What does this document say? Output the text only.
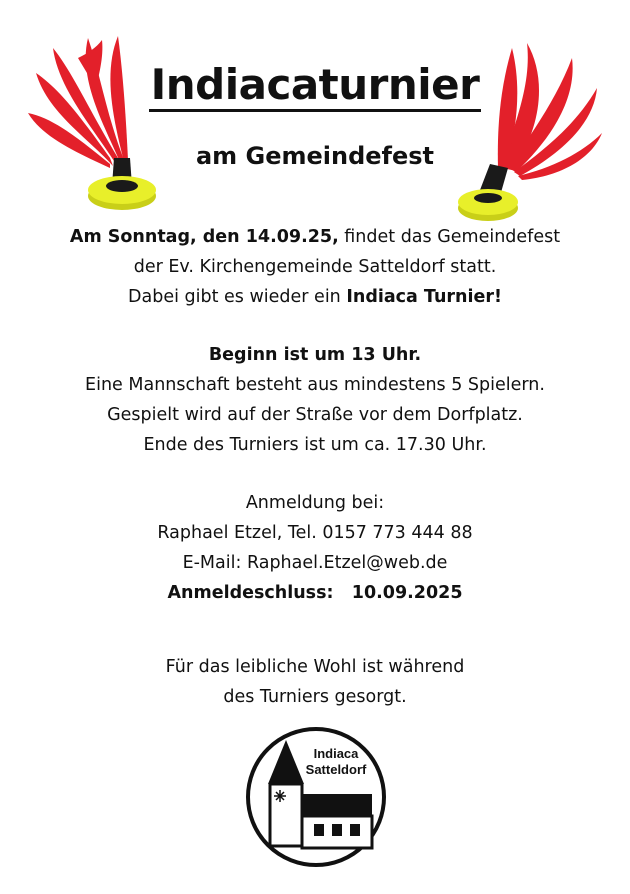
Indiacaturnier
am Gemeindefest
Am Sonntag, den 14.09.25, findet das Gemeindefest
der Ev. Kirchengemeinde Satteldorf statt.
Dabei gibt es wieder ein Indiaca Turnier!
Beginn ist um 13 Uhr.
Eine Mannschaft besteht aus mindestens 5 Spielern.
Gespielt wird auf der Straße vor dem Dorfplatz.
Ende des Turniers ist um ca. 17.30 Uhr.
Anmeldung bei:
Raphael Etzel, Tel. 0157 773 444 88
E-Mail: Raphael.Etzel@web.de
Anmeldeschluss: 10.09.2025
Für das leibliche Wohl ist während
des Turniers gesorgt.
Indiaca
Satteldorf
